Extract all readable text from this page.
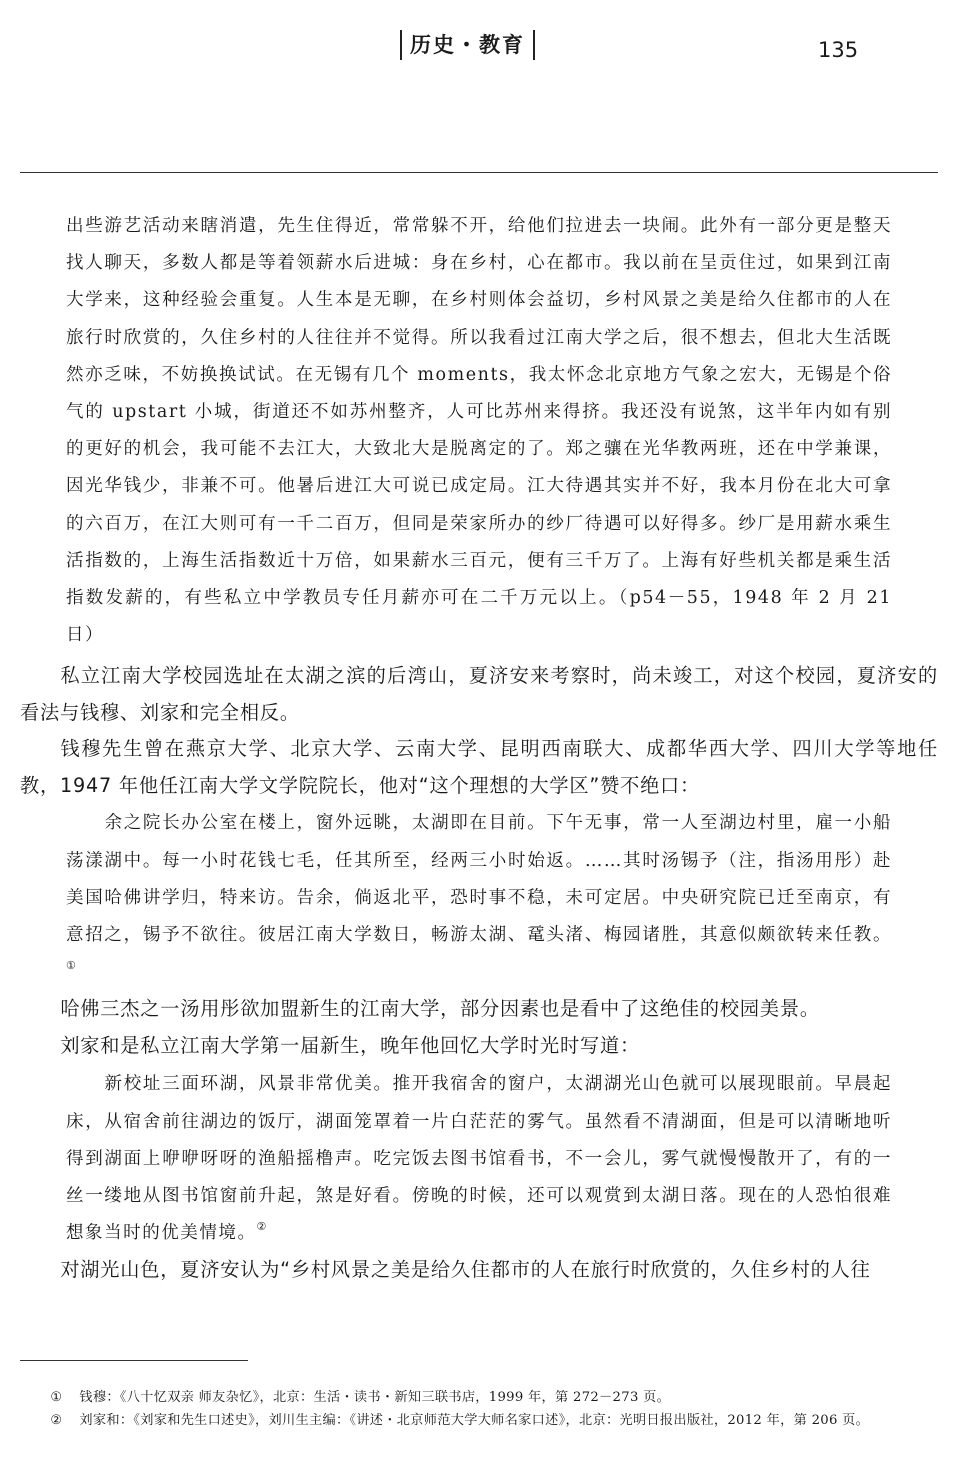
历史・教育	135

出些游艺活动来瞎消遣，先生住得近，常常躲不开，给他们拉进去一块闹。此外有一部分更是整天找人聊天，多数人都是等着领薪水后进城：身在乡村，心在都市。我以前在呈贡住过，如果到江南大学来，这种经验会重复。人生本是无聊，在乡村则体会益切，乡村风景之美是给久住都市的人在旅行时欣赏的，久住乡村的人往往并不觉得。所以我看过江南大学之后，很不想去，但北大生活既然亦乏味，不妨换换试试。在无锡有几个 moments，我太怀念北京地方气象之宏大，无锡是个俗气的 upstart 小城，街道还不如苏州整齐，人可比苏州来得挤。我还没有说煞，这半年内如有别的更好的机会，我可能不去江大，大致北大是脱离定的了。郑之骧在光华教两班，还在中学兼课，因光华钱少，非兼不可。他暑后进江大可说已成定局。江大待遇其实并不好，我本月份在北大可拿的六百万，在江大则可有一千二百万，但同是荣家所办的纱厂待遇可以好得多。纱厂是用薪水乘生活指数的，上海生活指数近十万倍，如果薪水三百元，便有三千万了。上海有好些机关都是乘生活指数发薪的，有些私立中学教员专任月薪亦可在二千万元以上。（p54－55，1948 年 2 月 21 日）

私立江南大学校园选址在太湖之滨的后湾山，夏济安来考察时，尚未竣工，对这个校园，夏济安的看法与钱穆、刘家和完全相反。

钱穆先生曾在燕京大学、北京大学、云南大学、昆明西南联大、成都华西大学、四川大学等地任教，1947 年他任江南大学文学院院长，他对“这个理想的大学区”赞不绝口：

余之院长办公室在楼上，窗外远眺，太湖即在目前。下午无事，常一人至湖边村里，雇一小船荡漾湖中。每一小时花钱七毛，任其所至，经两三小时始返。……其时汤锡予（注，指汤用彤）赴美国哈佛讲学归，特来访。告余，倘返北平，恐时事不稳，未可定居。中央研究院已迁至南京，有意招之，锡予不欲往。彼居江南大学数日，畅游太湖、鼋头渚、梅园诸胜，其意似颇欲转来任教。①

哈佛三杰之一汤用彤欲加盟新生的江南大学，部分因素也是看中了这绝佳的校园美景。

刘家和是私立江南大学第一届新生，晚年他回忆大学时光时写道：

新校址三面环湖，风景非常优美。推开我宿舍的窗户，太湖湖光山色就可以展现眼前。早晨起床，从宿舍前往湖边的饭厅，湖面笼罩着一片白茫茫的雾气。虽然看不清湖面，但是可以清晰地听得到湖面上咿咿呀呀的渔船摇橹声。吃完饭去图书馆看书，不一会儿，雾气就慢慢散开了，有的一丝一缕地从图书馆窗前升起，煞是好看。傍晚的时候，还可以观赏到太湖日落。现在的人恐怕很难想象当时的优美情境。②

对湖光山色，夏济安认为“乡村风景之美是给久住都市的人在旅行时欣赏的，久住乡村的人往

① 钱穆：《八十忆双亲 师友杂忆》，北京：生活・读书・新知三联书店，1999 年，第 272－273 页。

② 刘家和：《刘家和先生口述史》，刘川生主编：《讲述・北京师范大学大师名家口述》，北京：光明日报出版社，2012 年，第 206 页。
